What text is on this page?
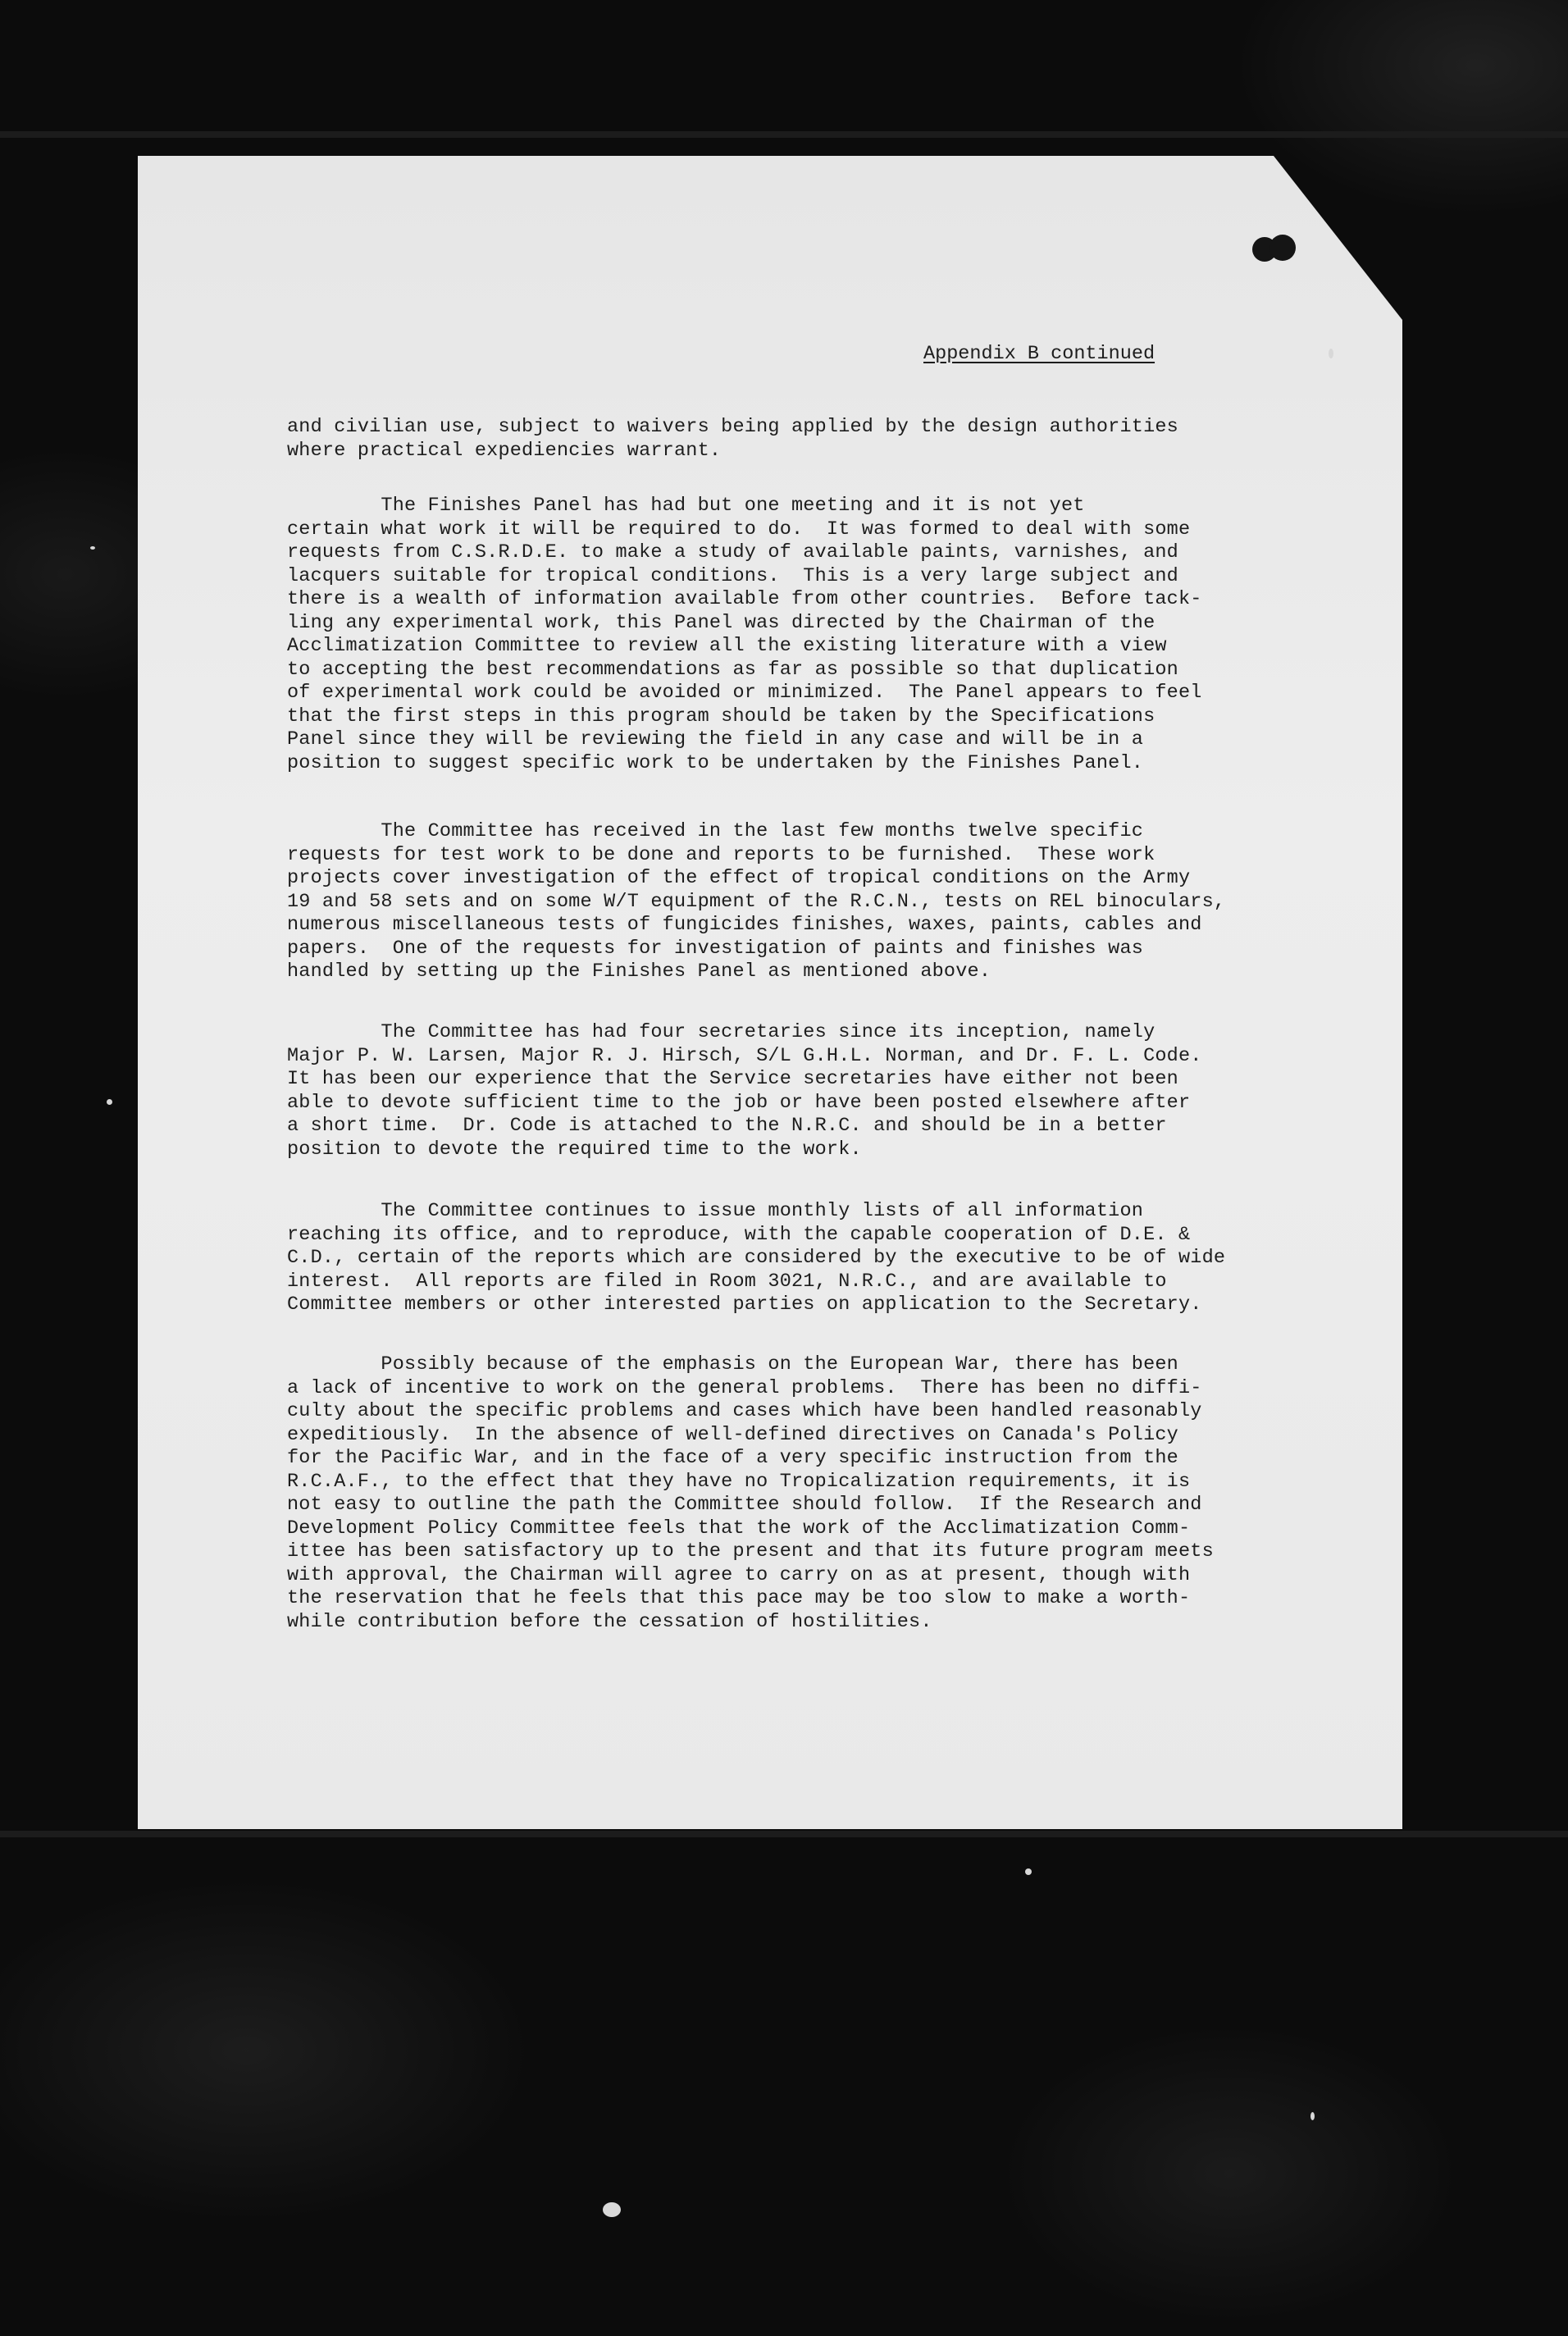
Appendix B continued

and civilian use, subject to waivers being applied by the design authorities
where practical expediencies warrant.

The Finishes Panel has had but one meeting and it is not yet
certain what work it will be required to do.  It was formed to deal with some
requests from C.S.R.D.E. to make a study of available paints, varnishes, and
lacquers suitable for tropical conditions.  This is a very large subject and
there is a wealth of information available from other countries.  Before tack-
ling any experimental work, this Panel was directed by the Chairman of the
Acclimatization Committee to review all the existing literature with a view
to accepting the best recommendations as far as possible so that duplication
of experimental work could be avoided or minimized.  The Panel appears to feel
that the first steps in this program should be taken by the Specifications
Panel since they will be reviewing the field in any case and will be in a
position to suggest specific work to be undertaken by the Finishes Panel.

The Committee has received in the last few months twelve specific
requests for test work to be done and reports to be furnished.  These work
projects cover investigation of the effect of tropical conditions on the Army
19 and 58 sets and on some W/T equipment of the R.C.N., tests on REL binoculars,
numerous miscellaneous tests of fungicides finishes, waxes, paints, cables and
papers.  One of the requests for investigation of paints and finishes was
handled by setting up the Finishes Panel as mentioned above.

The Committee has had four secretaries since its inception, namely
Major P. W. Larsen, Major R. J. Hirsch, S/L G.H.L. Norman, and Dr. F. L. Code.
It has been our experience that the Service secretaries have either not been
able to devote sufficient time to the job or have been posted elsewhere after
a short time.  Dr. Code is attached to the N.R.C. and should be in a better
position to devote the required time to the work.

The Committee continues to issue monthly lists of all information
reaching its office, and to reproduce, with the capable cooperation of D.E. &
C.D., certain of the reports which are considered by the executive to be of wide
interest.  All reports are filed in Room 3021, N.R.C., and are available to
Committee members or other interested parties on application to the Secretary.

Possibly because of the emphasis on the European War, there has been
a lack of incentive to work on the general problems.  There has been no diffi-
culty about the specific problems and cases which have been handled reasonably
expeditiously.  In the absence of well-defined directives on Canada's Policy
for the Pacific War, and in the face of a very specific instruction from the
R.C.A.F., to the effect that they have no Tropicalization requirements, it is
not easy to outline the path the Committee should follow.  If the Research and
Development Policy Committee feels that the work of the Acclimatization Comm-
ittee has been satisfactory up to the present and that its future program meets
with approval, the Chairman will agree to carry on as at present, though with
the reservation that he feels that this pace may be too slow to make a worth-
while contribution before the cessation of hostilities.
